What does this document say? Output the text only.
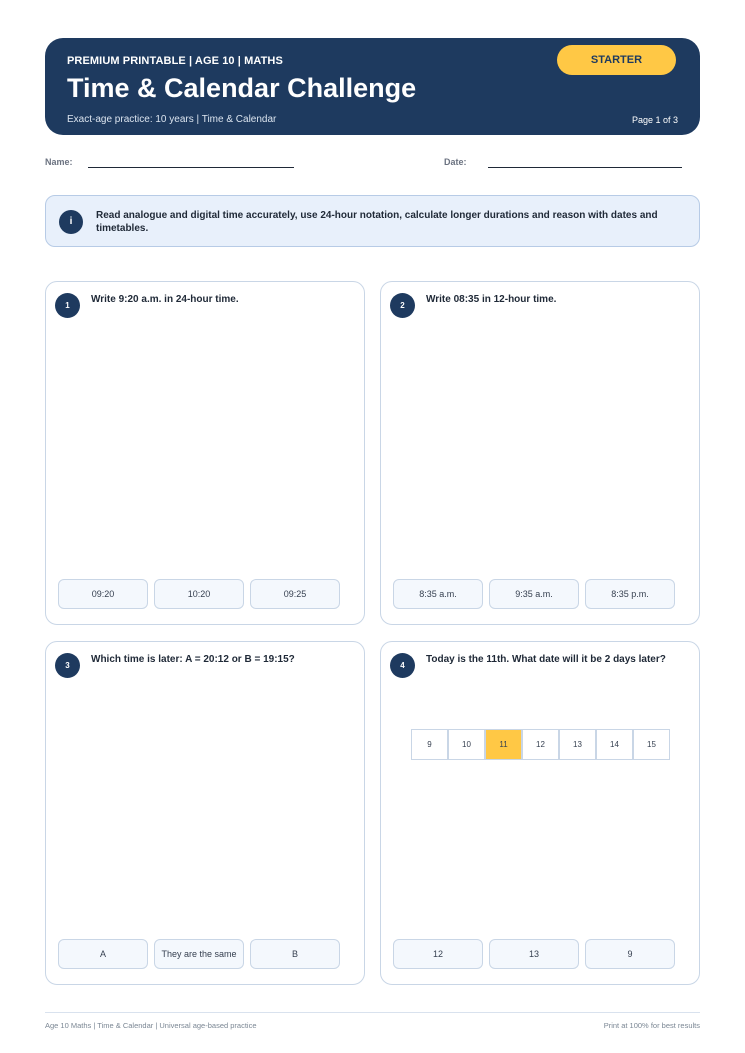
PREMIUM PRINTABLE | AGE 10 | MATHS
Time & Calendar Challenge
Exact-age practice: 10 years | Time & Calendar	Page 1 of 3
STARTER
Name:	Date:
i
Read analogue and digital time accurately, use 24-hour notation, calculate longer durations and reason with dates and timetables.
1
Write 9:20 a.m. in 24-hour time.
09:20	10:20	09:25
2
Write 08:35 in 12-hour time.
8:35 a.m.	9:35 a.m.	8:35 p.m.
3
Which time is later: A = 20:12 or B = 19:15?
A	They are the same	B
4
Today is the 11th. What date will it be 2 days later?
9	10	11	12	13	14	15
12	13	9
Age 10 Maths | Time & Calendar | Universal age-based practice	Print at 100% for best results
